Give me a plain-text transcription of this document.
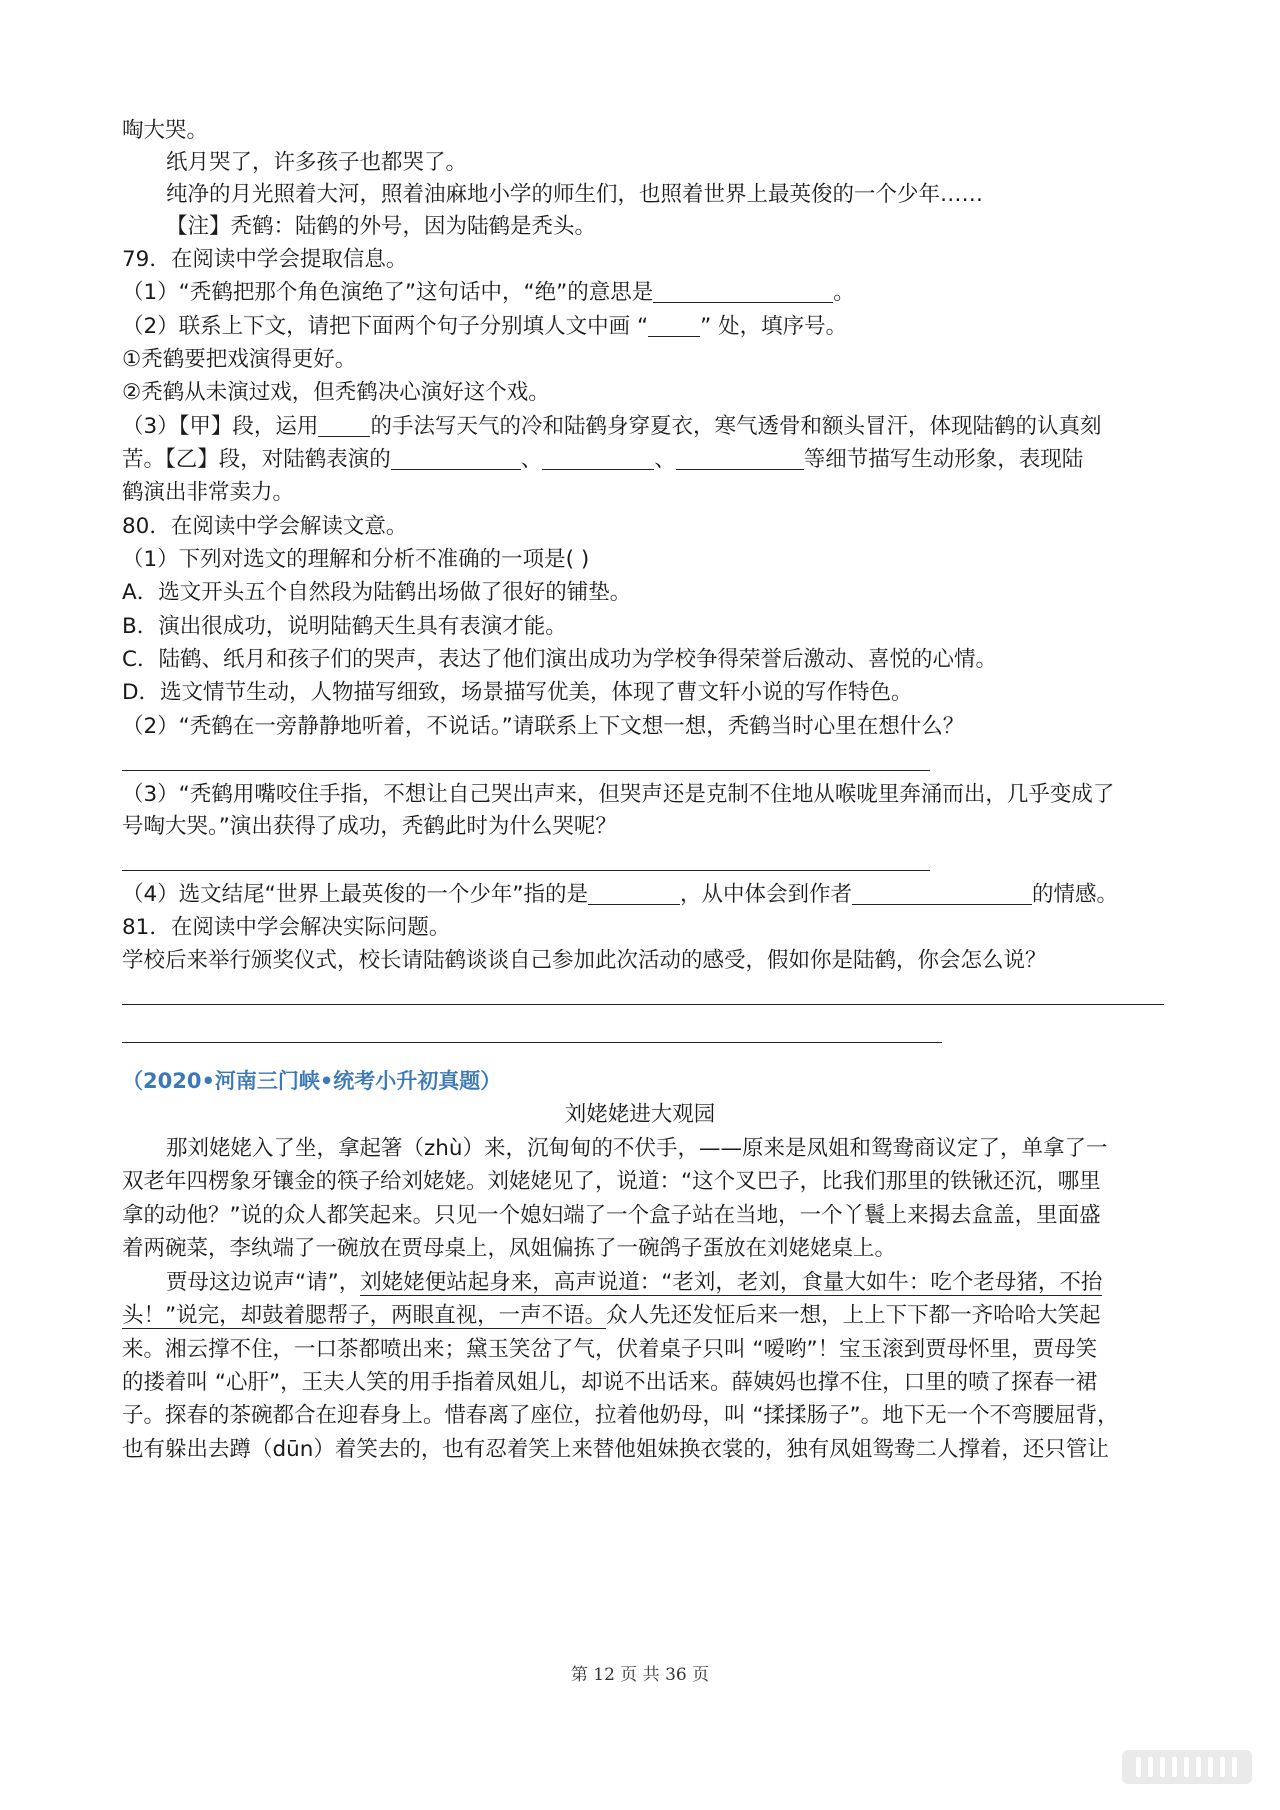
啕大哭。
纸月哭了，许多孩子也都哭了。
纯净的月光照着大河，照着油麻地小学的师生们，也照着世界上最英俊的一个少年……
【注】秃鹤：陆鹤的外号，因为陆鹤是秃头。
79．在阅读中学会提取信息。
（1）“秃鹤把那个角色演绝了”这句话中，“绝”的意思是	。
（2）联系上下文，请把下面两个句子分别填人文中画 “ ” 处，填序号。
①秃鹤要把戏演得更好。
②秃鹤从未演过戏，但秃鹤决心演好这个戏。
（3）【甲】段，运用 的手法写天气的冷和陆鹤身穿夏衣，寒气透骨和额头冒汗，体现陆鹤的认真刻
苦。【乙】段，对陆鹤表演的	、	、	等细节描写生动形象，表现陆
鹤演出非常卖力。
80．在阅读中学会解读文意。
（1）下列对选文的理解和分析不准确的一项是( )
A．选文开头五个自然段为陆鹤出场做了很好的铺垫。
B．演出很成功，说明陆鹤天生具有表演才能。
C．陆鹤、纸月和孩子们的哭声，表达了他们演出成功为学校争得荣誉后激动、喜悦的心情。
D．选文情节生动，人物描写细致，场景描写优美，体现了曹文轩小说的写作特色。
（2）“秃鹤在一旁静静地听着，不说话。”请联系上下文想一想，秃鹤当时心里在想什么？
（3）“秃鹤用嘴咬住手指，不想让自己哭出声来，但哭声还是克制不住地从喉咙里奔涌而出，几乎变成了
号啕大哭。”演出获得了成功，秃鹤此时为什么哭呢？
（4）选文结尾“世界上最英俊的一个少年”指的是	，从中体会到作者	的情感。
81．在阅读中学会解决实际问题。
学校后来举行颁奖仪式，校长请陆鹤谈谈自己参加此次活动的感受，假如你是陆鹤，你会怎么说？
（2020•河南三门峡•统考小升初真题）
刘姥姥进大观园
那刘姥姥入了坐，拿起箸（zhù）来，沉甸甸的不伏手，——原来是凤姐和鸳鸯商议定了，单拿了一
双老年四楞象牙镶金的筷子给刘姥姥。刘姥姥见了，说道：“这个叉巴子，比我们那里的铁锹还沉，哪里
拿的动他？”说的众人都笑起来。只见一个媳妇端了一个盒子站在当地，一个丫鬟上来揭去盒盖，里面盛
着两碗菜，李纨端了一碗放在贾母桌上，凤姐偏拣了一碗鸽子蛋放在刘姥姥桌上。
贾母这边说声“请”，刘姥姥便站起身来，高声说道：“老刘，老刘，食量大如牛：吃个老母猪，不抬
头！”说完，却鼓着腮帮子，两眼直视，一声不语。众人先还发怔后来一想，上上下下都一齐哈哈大笑起
来。湘云撑不住，一口茶都喷出来；黛玉笑岔了气，伏着桌子只叫 “嗳哟”！宝玉滚到贾母怀里，贾母笑
的搂着叫 “心肝”，王夫人笑的用手指着凤姐儿，却说不出话来。薛姨妈也撑不住，口里的喷了探春一裙
子。探春的茶碗都合在迎春身上。惜春离了座位，拉着他奶母，叫 “揉揉肠子”。地下无一个不弯腰屈背，
也有躲出去蹲（dūn）着笑去的，也有忍着笑上来替他姐妹换衣裳的，独有凤姐鸳鸯二人撑着，还只管让
第 12 页 共 36 页
